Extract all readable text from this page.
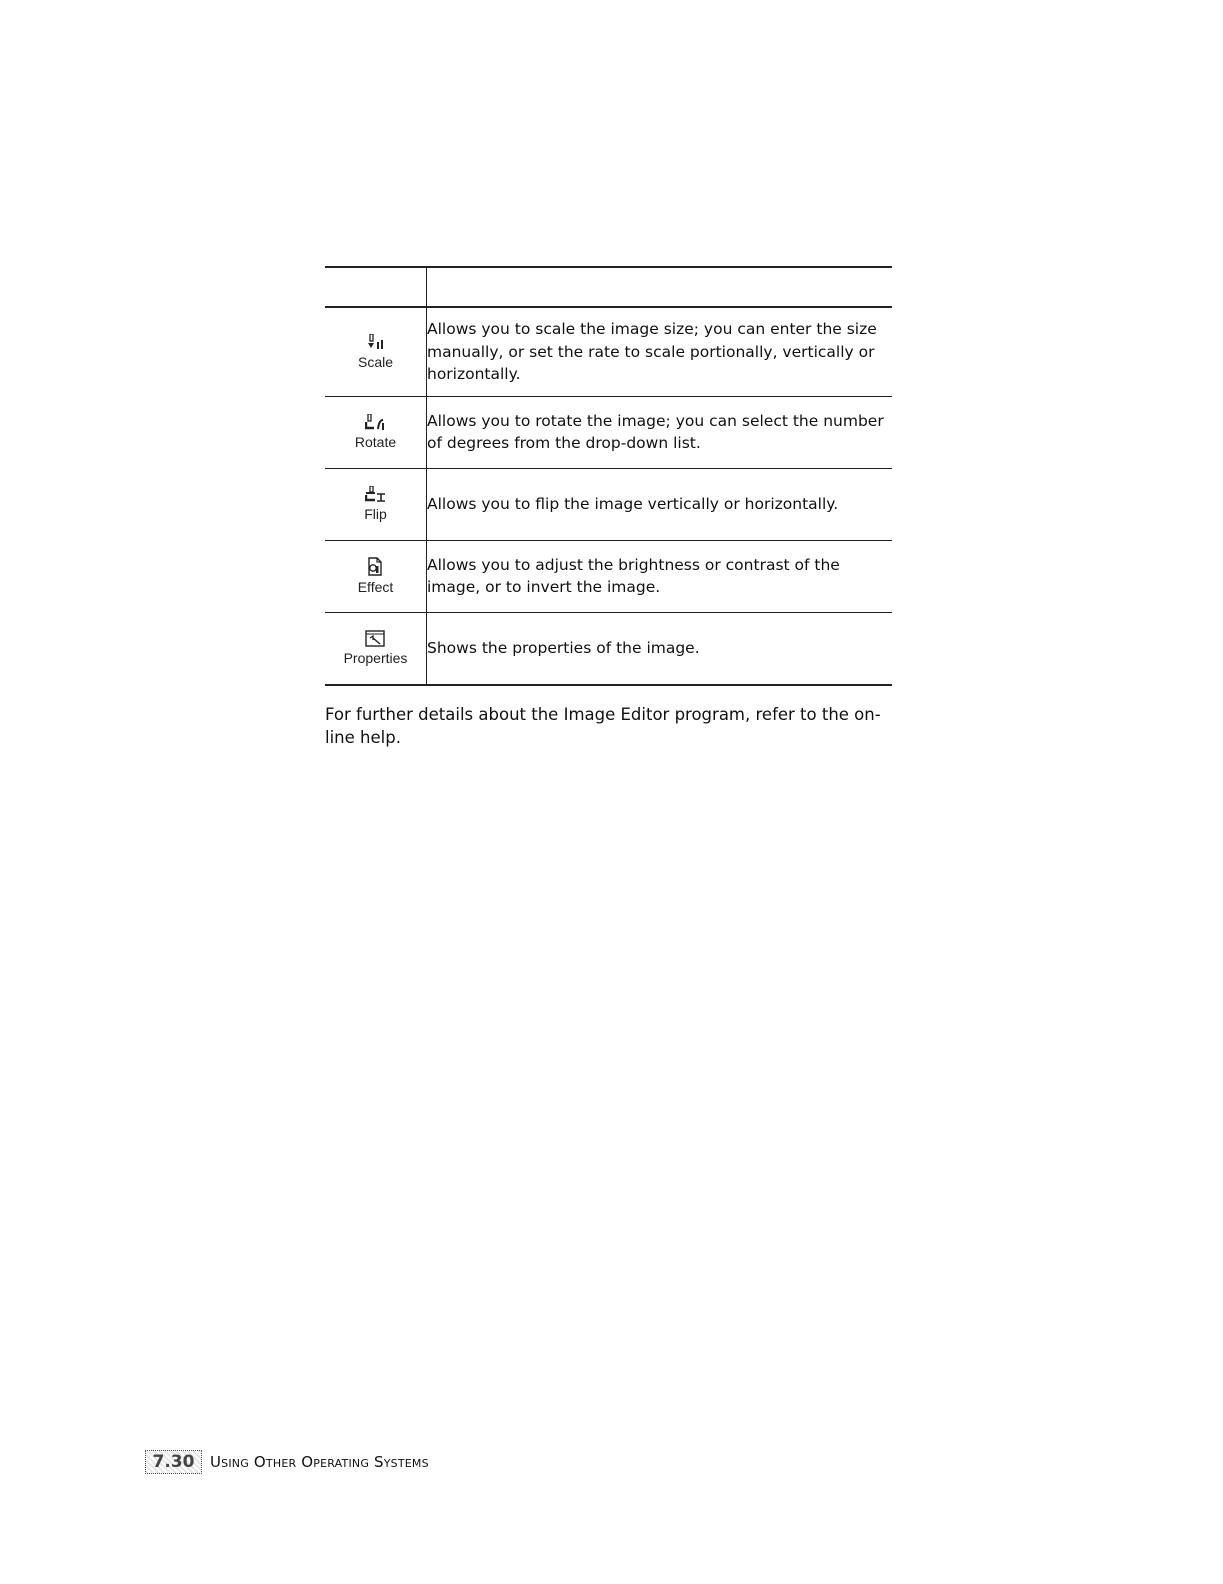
Scale	Allows you to scale the image size; you can enter the size manually, or set the rate to scale portionally, vertically or horizontally.

Rotate	Allows you to rotate the image; you can select the number of degrees from the drop-down list.

Flip	Allows you to flip the image vertically or horizontally.

Effect	Allows you to adjust the brightness or contrast of the image, or to invert the image.

Properties	Shows the properties of the image.

For further details about the Image Editor program, refer to the on-line help.

7.30	Using Other Operating Systems
